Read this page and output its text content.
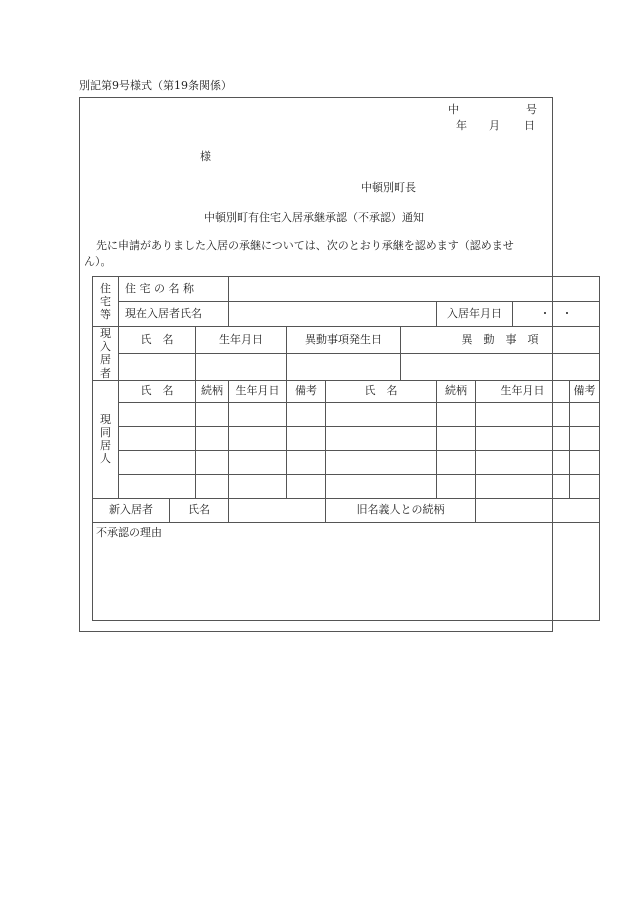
別記第9号様式（第19条関係）
中	号
年 月 日
様
中頓別町長
中頓別町有住宅入居承継承認（不承認）通知
先に申請がありました入居の承継については、次のとおり承継を認めます（認めませ
ん）。
住
宅
等	住 宅 の 名 称										
	現在入居者氏名							入居年月日		・　・	

現
入
居
者	氏　名		生年月日		異動事項発生日		異　動　事　項				

現
同
居
人	氏　名		続柄	生年月日	備考	氏　名		続柄	生年月日		備考

新入居者		氏名				旧名義人との続柄					
不承認の理由											
